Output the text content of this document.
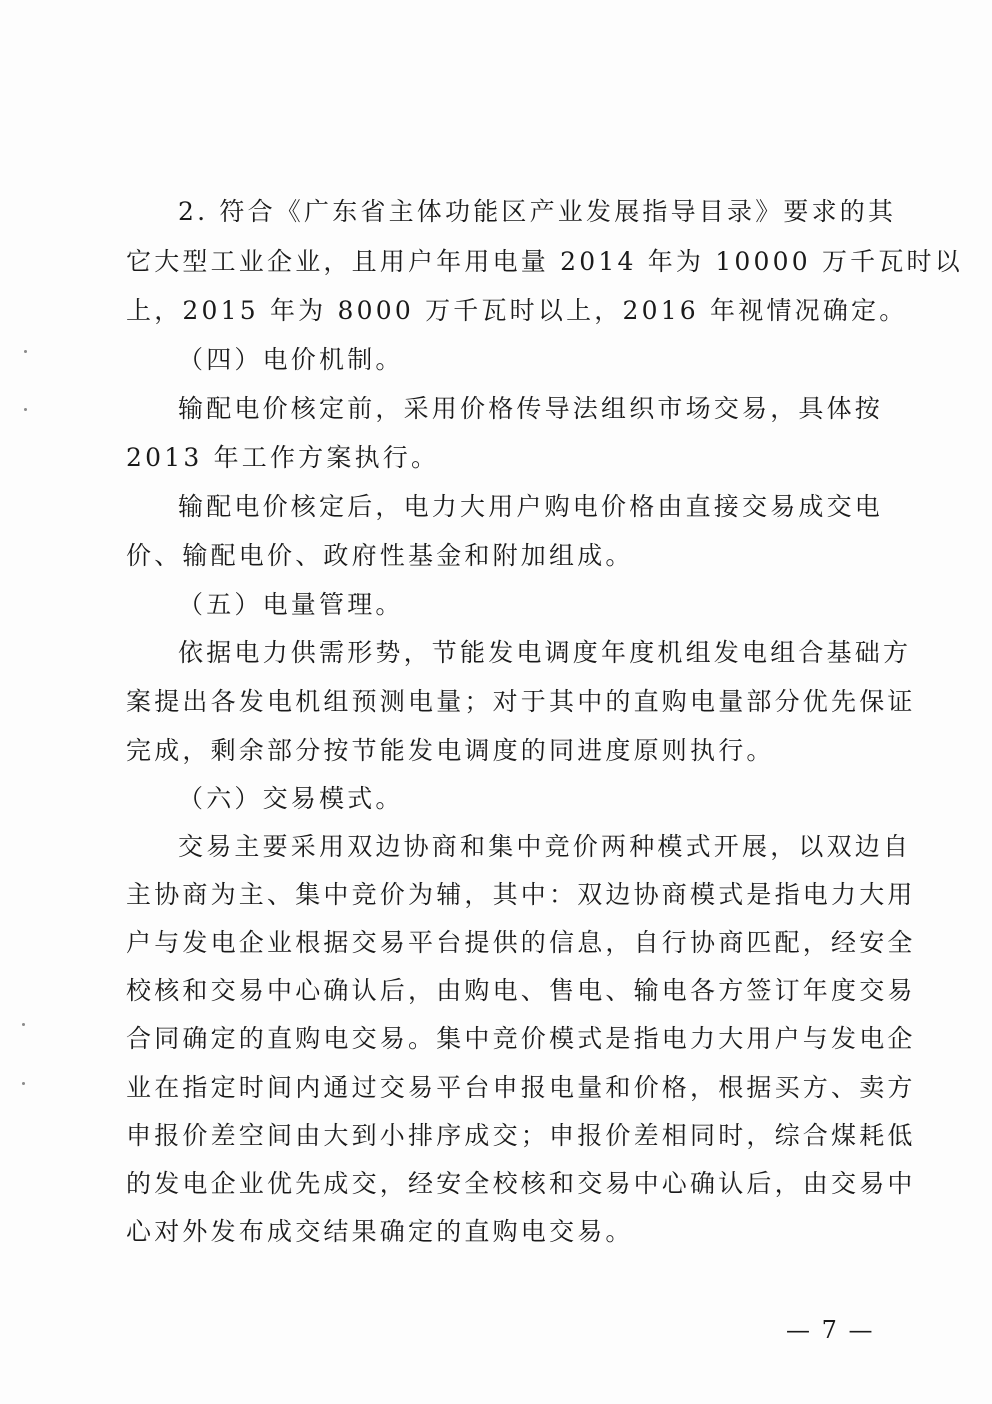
2. 符合《广东省主体功能区产业发展指导目录》要求的其
它大型工业企业，且用户年用电量 2014 年为 10000 万千瓦时以
上，2015 年为 8000 万千瓦时以上，2016 年视情况确定。
（四）电价机制。
输配电价核定前，采用价格传导法组织市场交易，具体按
2013 年工作方案执行。
输配电价核定后，电力大用户购电价格由直接交易成交电
价、输配电价、政府性基金和附加组成。
（五）电量管理。
依据电力供需形势，节能发电调度年度机组发电组合基础方
案提出各发电机组预测电量；对于其中的直购电量部分优先保证
完成，剩余部分按节能发电调度的同进度原则执行。
（六）交易模式。
交易主要采用双边协商和集中竞价两种模式开展，以双边自
主协商为主、集中竞价为辅，其中：双边协商模式是指电力大用
户与发电企业根据交易平台提供的信息，自行协商匹配，经安全
校核和交易中心确认后，由购电、售电、输电各方签订年度交易
合同确定的直购电交易。集中竞价模式是指电力大用户与发电企
业在指定时间内通过交易平台申报电量和价格，根据买方、卖方
申报价差空间由大到小排序成交；申报价差相同时，综合煤耗低
的发电企业优先成交，经安全校核和交易中心确认后，由交易中
心对外发布成交结果确定的直购电交易。
— 7 —
